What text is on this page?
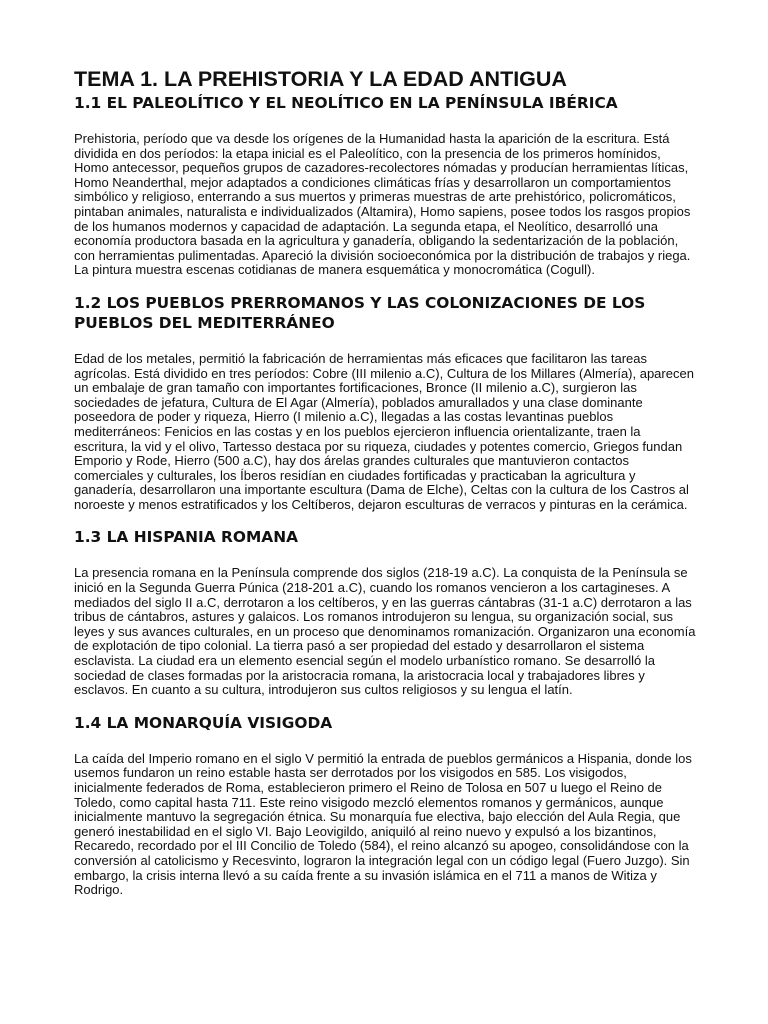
TEMA 1. LA PREHISTORIA Y LA EDAD ANTIGUA
1.1 EL PALEOLÍTICO Y EL NEOLÍTICO EN LA PENÍNSULA IBÉRICA

Prehistoria, período que va desde los orígenes de la Humanidad hasta la aparición de la escritura. Está dividida en dos períodos: la etapa inicial es el Paleolítico, con la presencia de los primeros homínidos, Homo antecessor, pequeños grupos de cazadores-recolectores nómadas y producían herramientas líticas, Homo Neanderthal, mejor adaptados a condiciones climáticas frías y desarrollaron un comportamientos simbólico y religioso, enterrando a sus muertos y primeras muestras de arte prehistórico, policromáticos, pintaban animales, naturalista e individualizados (Altamira), Homo sapiens, posee todos los rasgos propios de los humanos modernos y capacidad de adaptación. La segunda etapa, el Neolítico, desarrolló una economía productora basada en la agricultura y ganadería, obligando la sedentarización de la población, con herramientas pulimentadas. Apareció la división socioeconómica por la distribución de trabajos y riega. La pintura muestra escenas cotidianas de manera esquemática y monocromática (Cogull).

1.2 LOS PUEBLOS PRERROMANOS Y LAS COLONIZACIONES DE LOS PUEBLOS DEL MEDITERRÁNEO

Edad de los metales, permitió la fabricación de herramientas más eficaces que facilitaron las tareas agrícolas. Está dividido en tres períodos: Cobre (III milenio a.C), Cultura de los Millares (Almería), aparecen un embalaje de gran tamaño con importantes fortificaciones, Bronce (II milenio a.C), surgieron las sociedades de jefatura, Cultura de El Agar (Almería), poblados amurallados y una clase dominante poseedora de poder y riqueza, Hierro (I milenio a.C), llegadas a las costas levantinas pueblos mediterráneos: Fenicios en las costas y en los pueblos ejercieron influencia orientalizante, traen la escritura, la vid y el olivo, Tartesso destaca por su riqueza, ciudades y potentes comercio, Griegos fundan Emporio y Rode, Hierro (500 a.C), hay dos árelas grandes culturales que mantuvieron contactos comerciales y culturales, los Íberos residían en ciudades fortificadas y practicaban la agricultura y ganadería, desarrollaron una importante escultura (Dama de Elche), Celtas con la cultura de los Castros al noroeste y menos estratificados y los Celtíberos, dejaron esculturas de verracos y pinturas en la cerámica.

1.3 LA HISPANIA ROMANA

La presencia romana en la Península comprende dos siglos (218-19 a.C). La conquista de la Península se inició en la Segunda Guerra Púnica (218-201 a.C), cuando los romanos vencieron a los cartagineses. A mediados del siglo II a.C, derrotaron a los celtíberos, y en las guerras cántabras (31-1 a.C) derrotaron a las tribus de cántabros, astures y galaicos. Los romanos introdujeron su lengua, su organización social, sus leyes y sus avances culturales, en un proceso que denominamos romanización. Organizaron una economía de explotación de tipo colonial. La tierra pasó a ser propiedad del estado y desarrollaron el sistema esclavista. La ciudad era un elemento esencial según el modelo urbanístico romano. Se desarrolló la sociedad de clases formadas por la aristocracia romana, la aristocracia local y trabajadores libres y esclavos. En cuanto a su cultura, introdujeron sus cultos religiosos y su lengua el latín.

1.4 LA MONARQUÍA VISIGODA

La caída del Imperio romano en el siglo V permitió la entrada de pueblos germánicos a Hispania, donde los usemos fundaron un reino estable hasta ser derrotados por los visigodos en 585. Los visigodos, inicialmente federados de Roma, establecieron primero el Reino de Tolosa en 507 u luego el Reino de Toledo, como capital hasta 711. Este reino visigodo mezcló elementos romanos y germánicos, aunque inicialmente mantuvo la segregación étnica. Su monarquía fue electiva, bajo elección del Aula Regia, que generó inestabilidad en el siglo VI. Bajo Leovigildo, aniquiló al reino nuevo y expulsó a los bizantinos, Recaredo, recordado por el III Concilio de Toledo (584), el reino alcanzó su apogeo, consolidándose con la conversión al catolicismo y Recesvinto, lograron la integración legal con un código legal (Fuero Juzgo). Sin embargo, la crisis interna llevó a su caída frente a su invasión islámica en el 711 a manos de Witiza y Rodrigo.
